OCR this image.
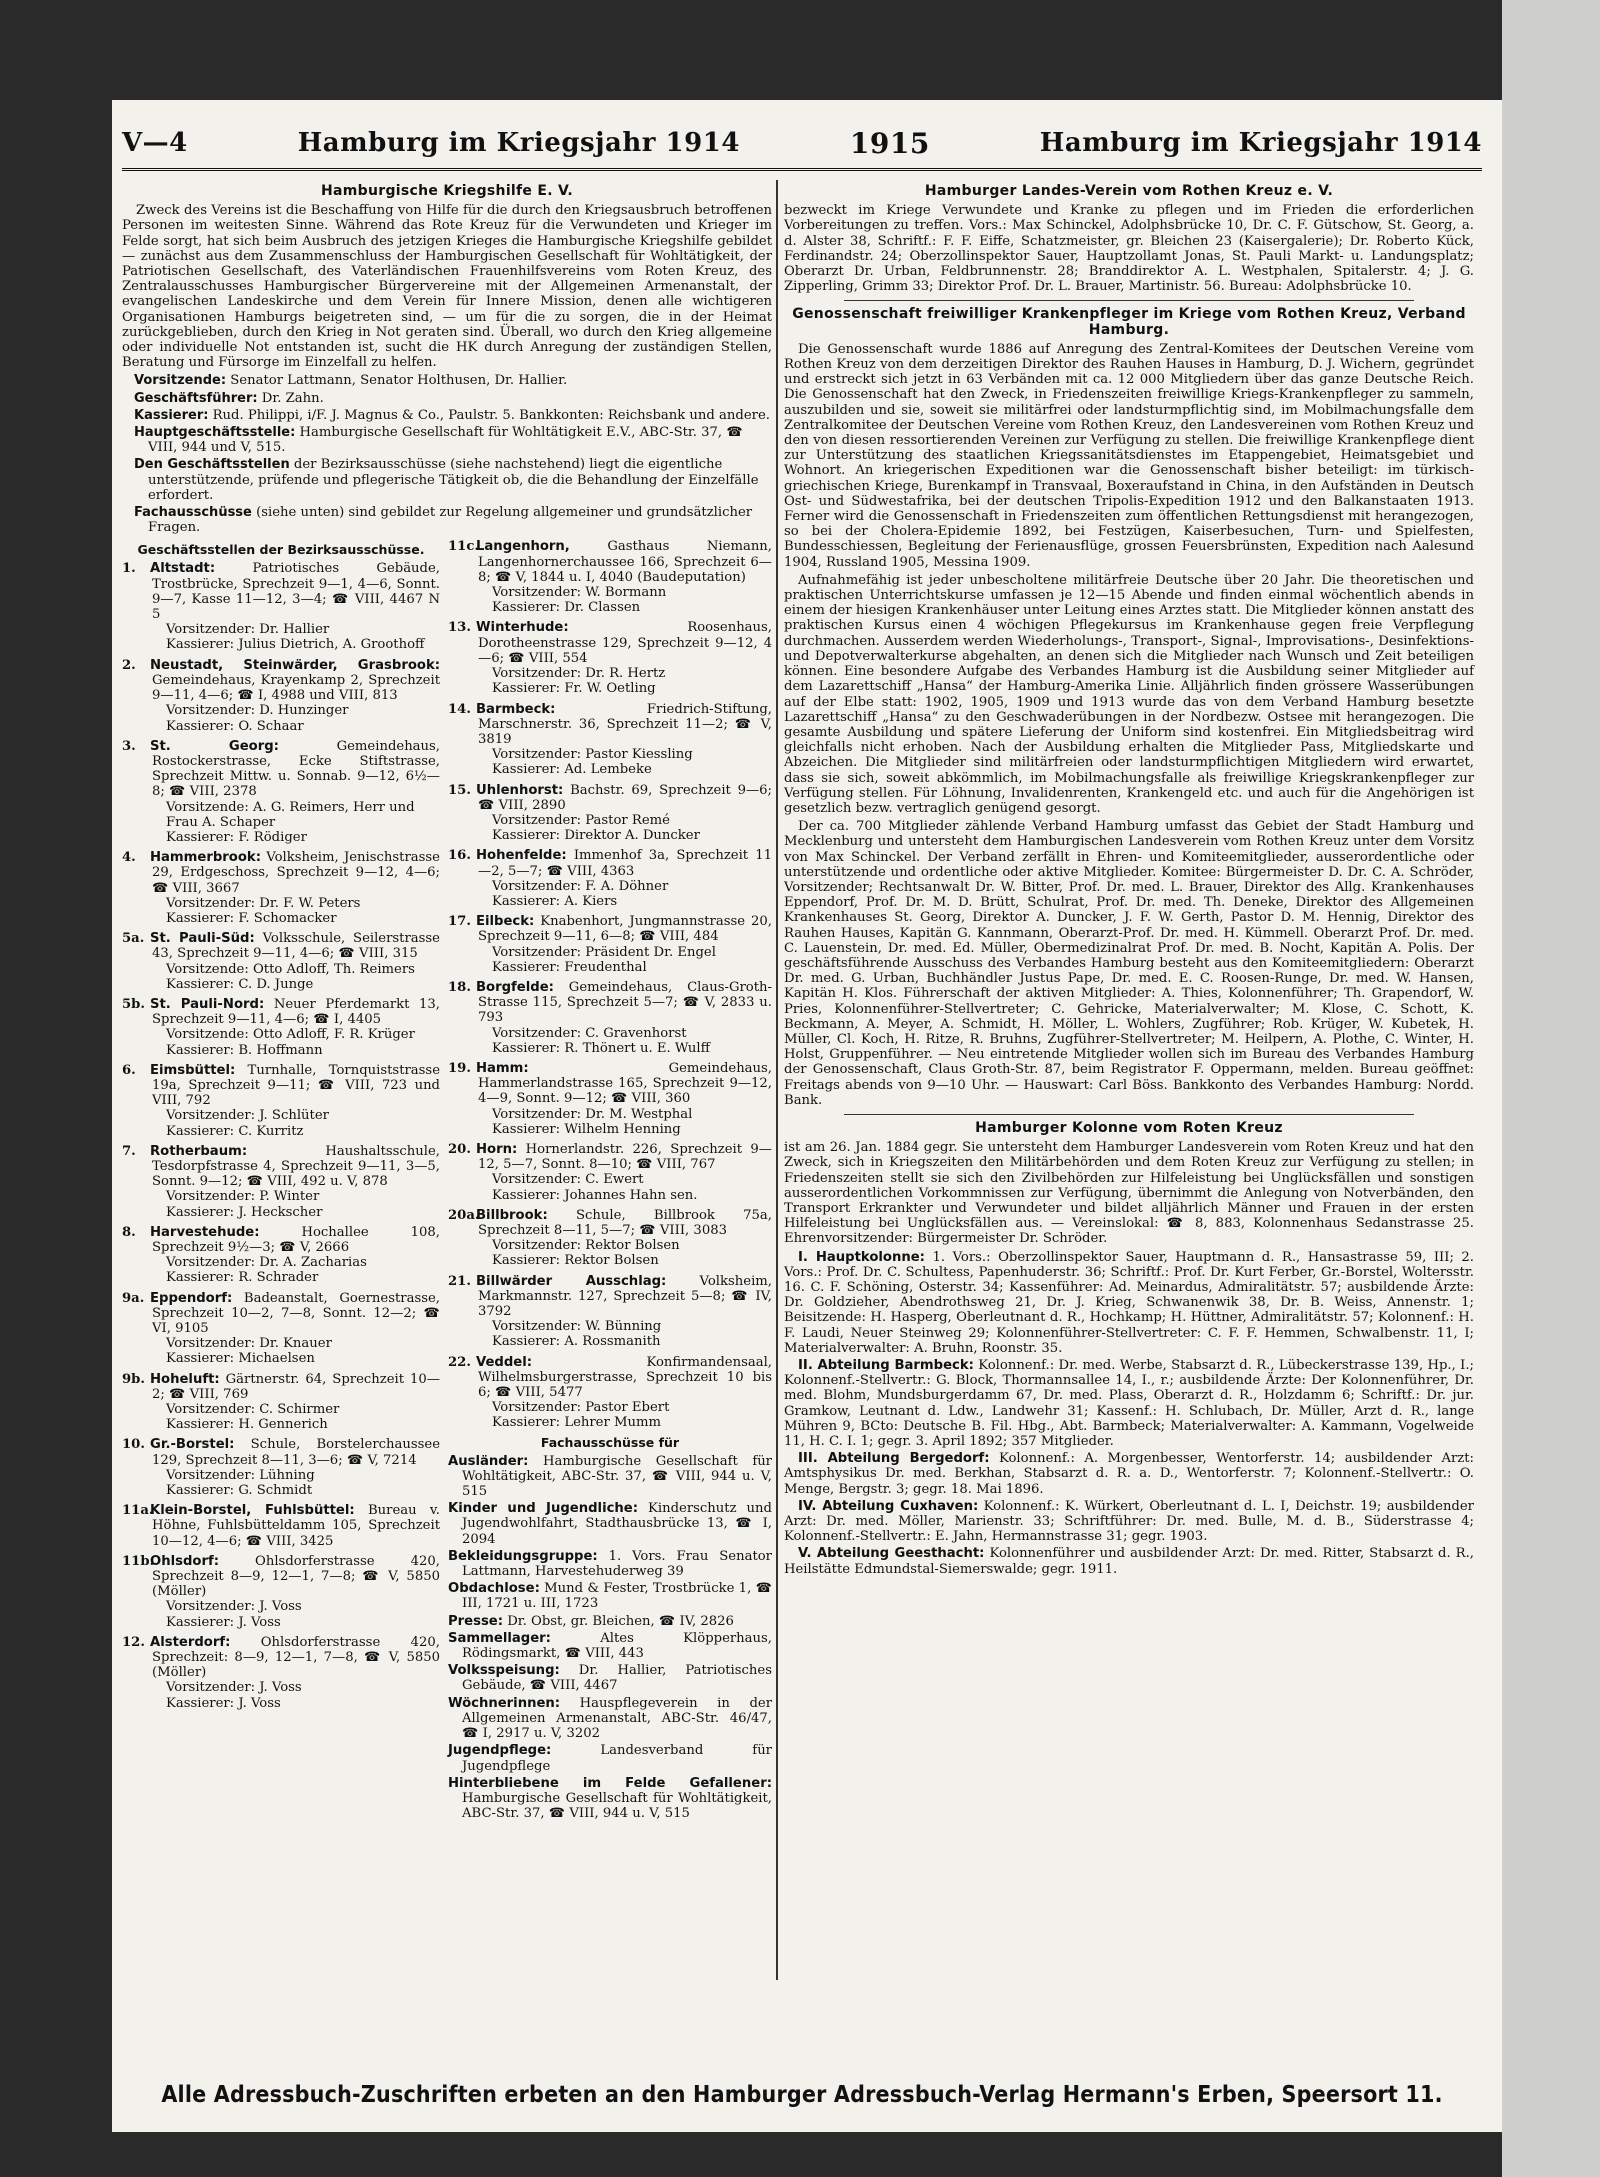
V—4	Hamburg im Kriegsjahr 1914	1915	Hamburg im Kriegsjahr 1914
Hamburgische Kriegshilfe E. V.

Zweck des Vereins ist die Beschaffung von Hilfe für die durch den Kriegsausbruch betroffenen Personen im weitesten Sinne. Während das Rote Kreuz für die Verwundeten und Krieger im Felde sorgt, hat sich beim Ausbruch des jetzigen Krieges die Hamburgische Kriegshilfe gebildet — zunächst aus dem Zusammenschluss der Hamburgischen Gesellschaft für Wohltätigkeit, der Patriotischen Gesellschaft, des Vaterländischen Frauenhilfsvereins vom Roten Kreuz, des Zentralausschusses Hamburgischer Bürgervereine mit der Allgemeinen Armenanstalt, der evangelischen Landeskirche und dem Verein für Innere Mission, denen alle wichtigeren Organisationen Hamburgs beigetreten sind, — um für die zu sorgen, die in der Heimat zurückgeblieben, durch den Krieg in Not geraten sind. Überall, wo durch den Krieg allgemeine oder individuelle Not entstanden ist, sucht die HK durch Anregung der zuständigen Stellen, Beratung und Fürsorge im Einzelfall zu helfen.

Vorsitzende: Senator Lattmann, Senator Holthusen, Dr. Hallier.
Geschäftsführer: Dr. Zahn.
Kassierer: Rud. Philippi, i/F. J. Magnus & Co., Paulstr. 5. Bankkonten: Reichsbank und andere.
Hauptgeschäftsstelle: Hamburgische Gesellschaft für Wohltätigkeit E.V., ABC-Str. 37, ☎ VIII, 944 und V, 515.
Den Geschäftsstellen der Bezirksausschüsse (siehe nachstehend) liegt die eigentliche unterstützende, prüfende und pflegerische Tätigkeit ob, die die Behandlung der Einzelfälle erfordert.
Fachausschüsse (siehe unten) sind gebildet zur Regelung allgemeiner und grundsätzlicher Fragen.
Geschäftsstellen der Bezirksausschüsse.
1. Altstadt: Patriotisches Gebäude, Trostbrücke, Sprechzeit 9—1, 4—6, Sonnt. 9—7, Kasse 11—12, 3—4; ☎ VIII, 4467 N 5
Vorsitzender: Dr. Hallier
Kassierer: Julius Dietrich, A. Groothoff
2. Neustadt, Steinwärder, Grasbrook: Gemeindehaus, Krayenkamp 2, Sprechzeit 9—11, 4—6; ☎ I, 4988 und VIII, 813
Vorsitzender: D. Hunzinger
Kassierer: O. Schaar
3. St. Georg: Gemeindehaus, Rostockerstrasse, Ecke Stiftstrasse, Sprechzeit Mittw. u. Sonnab. 9—12, 6½—8; ☎ VIII, 2378
Vorsitzende: A. G. Reimers, Herr und Frau A. Schaper
Kassierer: F. Rödiger
4. Hammerbrook: Volksheim, Jenischstrasse 29, Erdgeschoss, Sprechzeit 9—12, 4—6; ☎ VIII, 3667
Vorsitzender: Dr. F. W. Peters
Kassierer: F. Schomacker
5a. St. Pauli-Süd: Volksschule, Seilerstrasse 43, Sprechzeit 9—11, 4—6; ☎ VIII, 315
Vorsitzende: Otto Adloff, Th. Reimers
Kassierer: C. D. Junge
5b. St. Pauli-Nord: Neuer Pferdemarkt 13, Sprechzeit 9—11, 4—6; ☎ I, 4405
Vorsitzende: Otto Adloff, F. R. Krüger
Kassierer: B. Hoffmann
6. Eimsbüttel: Turnhalle, Tornquiststrasse 19a, Sprechzeit 9—11; ☎ VIII, 723 und VIII, 792
Vorsitzender: J. Schlüter
Kassierer: C. Kurritz
7. Rotherbaum: Haushaltsschule, Tesdorpfstrasse 4, Sprechzeit 9—11, 3—5, Sonnt. 9—12; ☎ VIII, 492 u. V, 878
Vorsitzender: P. Winter
Kassierer: J. Heckscher
8. Harvestehude: Hochallee 108, Sprechzeit 9½—3; ☎ V, 2666
Vorsitzender: Dr. A. Zacharias
Kassierer: R. Schrader
9a. Eppendorf: Badeanstalt, Goernestrasse, Sprechzeit 10—2, 7—8, Sonnt. 12—2; ☎ VI, 9105
Vorsitzender: Dr. Knauer
Kassierer: Michaelsen
9b. Hoheluft: Gärtnerstr. 64, Sprechzeit 10—2; ☎ VIII, 769
Vorsitzender: C. Schirmer
Kassierer: H. Gennerich
10. Gr.-Borstel: Schule, Borstelerchaussee 129, Sprechzeit 8—11, 3—6; ☎ V, 7214
Vorsitzender: Lühning
Kassierer: G. Schmidt
11a.Klein-Borstel, Fuhlsbüttel: Bureau v. Höhne, Fuhlsbütteldamm 105, Sprechzeit 10—12, 4—6; ☎ VIII, 3425
11b.Ohlsdorf: Ohlsdorferstrasse 420, Sprechzeit 8—9, 12—1, 7—8; ☎ V, 5850 (Möller)
Vorsitzender: J. Voss
Kassierer: J. Voss
12. Alsterdorf: Ohlsdorferstrasse 420, Sprechzeit: 8—9, 12—1, 7—8, ☎ V, 5850 (Möller)
Vorsitzender: J. Voss
Kassierer: J. Voss
11c.Langenhorn, Gasthaus Niemann, Langenhornerchaussee 166, Sprechzeit 6—8; ☎ V, 1844 u. I, 4040 (Baudeputation)
Vorsitzender: W. Bormann
Kassierer: Dr. Classen
13. Winterhude: Roosenhaus, Dorotheenstrasse 129, Sprechzeit 9—12, 4—6; ☎ VIII, 554
Vorsitzender: Dr. R. Hertz
Kassierer: Fr. W. Oetling
14. Barmbeck: Friedrich-Stiftung, Marschnerstr. 36, Sprechzeit 11—2; ☎ V, 3819
Vorsitzender: Pastor Kiessling
Kassierer: Ad. Lembeke
15. Uhlenhorst: Bachstr. 69, Sprechzeit 9—6; ☎ VIII, 2890
Vorsitzender: Pastor Remé
Kassierer: Direktor A. Duncker
16. Hohenfelde: Immenhof 3a, Sprechzeit 11—2, 5—7; ☎ VIII, 4363
Vorsitzender: F. A. Döhner
Kassierer: A. Kiers
17. Eilbeck: Knabenhort, Jungmannstrasse 20, Sprechzeit 9—11, 6—8; ☎ VIII, 484
Vorsitzender: Präsident Dr. Engel
Kassierer: Freudenthal
18. Borgfelde: Gemeindehaus, Claus-Groth-Strasse 115, Sprechzeit 5—7; ☎ V, 2833 u. 793
Vorsitzender: C. Gravenhorst
Kassierer: R. Thönert u. E. Wulff
19. Hamm: Gemeindehaus, Hammerlandstrasse 165, Sprechzeit 9—12, 4—9, Sonnt. 9—12; ☎ VIII, 360
Vorsitzender: Dr. M. Westphal
Kassierer: Wilhelm Henning
20. Horn: Hornerlandstr. 226, Sprechzeit 9—12, 5—7, Sonnt. 8—10; ☎ VIII, 767
Vorsitzender: C. Ewert
Kassierer: Johannes Hahn sen.
20a.Billbrook: Schule, Billbrook 75a, Sprechzeit 8—11, 5—7; ☎ VIII, 3083
Vorsitzender: Rektor Bolsen
Kassierer: Rektor Bolsen
21. Billwärder Ausschlag: Volksheim, Markmannstr. 127, Sprechzeit 5—8; ☎ IV, 3792
Vorsitzender: W. Bünning
Kassierer: A. Rossmanith
22. Veddel: Konfirmandensaal, Wilhelmsburgerstrasse, Sprechzeit 10 bis 6; ☎ VIII, 5477
Vorsitzender: Pastor Ebert
Kassierer: Lehrer Mumm
Fachausschüsse für
Ausländer: Hamburgische Gesellschaft für Wohltätigkeit, ABC-Str. 37, ☎ VIII, 944 u. V, 515
Kinder und Jugendliche: Kinderschutz und Jugendwohlfahrt, Stadthausbrücke 13, ☎ I, 2094
Bekleidungsgruppe: 1. Vors. Frau Senator Lattmann, Harvestehuderweg 39
Obdachlose: Mund & Fester, Trostbrücke 1, ☎ III, 1721 u. III, 1723
Presse: Dr. Obst, gr. Bleichen, ☎ IV, 2826
Sammellager: Altes Klöpperhaus, Rödingsmarkt, ☎ VIII, 443
Volksspeisung: Dr. Hallier, Patriotisches Gebäude, ☎ VIII, 4467
Wöchnerinnen: Hauspflegeverein in der Allgemeinen Armenanstalt, ABC-Str. 46/47, ☎ I, 2917 u. V, 3202
Jugendpflege: Landesverband für Jugendpflege
Hinterbliebene im Felde Gefallener: Hamburgische Gesellschaft für Wohltätigkeit, ABC-Str. 37, ☎ VIII, 944 u. V, 515
Hamburger Landes-Verein vom Rothen Kreuz e. V.

bezweckt im Kriege Verwundete und Kranke zu pflegen und im Frieden die erforderlichen Vorbereitungen zu treffen. Vors.: Max Schinckel, Adolphsbrücke 10, Dr. C. F. Gütschow, St. Georg, a. d. Alster 38, Schriftf.: F. F. Eiffe, Schatzmeister, gr. Bleichen 23 (Kaisergalerie); Dr. Roberto Kück, Ferdinandstr. 24; Oberzollinspektor Sauer, Hauptzollamt Jonas, St. Pauli Markt- u. Landungsplatz; Oberarzt Dr. Urban, Feldbrunnenstr. 28; Branddirektor A. L. Westphalen, Spitalerstr. 4; J. G. Zipperling, Grimm 33; Direktor Prof. Dr. L. Brauer, Martinistr. 56. Bureau: Adolphsbrücke 10.

Genossenschaft freiwilliger Krankenpfleger im Kriege vom Rothen Kreuz, Verband Hamburg.

Die Genossenschaft wurde 1886 auf Anregung des Zentral-Komitees der Deutschen Vereine vom Rothen Kreuz von dem derzeitigen Direktor des Rauhen Hauses in Hamburg, D. J. Wichern, gegründet und erstreckt sich jetzt in 63 Verbänden mit ca. 12 000 Mitgliedern über das ganze Deutsche Reich. Die Genossenschaft hat den Zweck, in Friedenszeiten freiwillige Kriegs-Krankenpfleger zu sammeln, auszubilden und sie, soweit sie militärfrei oder landsturmpflichtig sind, im Mobilmachungsfalle dem Zentralkomitee der Deutschen Vereine vom Rothen Kreuz, den Landesvereinen vom Rothen Kreuz und den von diesen ressortierenden Vereinen zur Verfügung zu stellen. Die freiwillige Krankenpflege dient zur Unterstützung des staatlichen Kriegssanitätsdienstes im Etappengebiet, Heimatsgebiet und Wohnort. An kriegerischen Expeditionen war die Genossenschaft bisher beteiligt: im türkisch-griechischen Kriege, Burenkampf in Transvaal, Boxeraufstand in China, in den Aufständen in Deutsch Ost- und Südwestafrika, bei der deutschen Tripolis-Expedition 1912 und den Balkanstaaten 1913. Ferner wird die Genossenschaft in Friedenszeiten zum öffentlichen Rettungsdienst mit herangezogen, so bei der Cholera-Epidemie 1892, bei Festzügen, Kaiserbesuchen, Turn- und Spielfesten, Bundesschiessen, Begleitung der Ferienausflüge, grossen Feuersbrünsten, Expedition nach Aalesund 1904, Russland 1905, Messina 1909.

Aufnahmefähig ist jeder unbescholtene militärfreie Deutsche über 20 Jahr. Die theoretischen und praktischen Unterrichtskurse umfassen je 12—15 Abende und finden einmal wöchentlich abends in einem der hiesigen Krankenhäuser unter Leitung eines Arztes statt. Die Mitglieder können anstatt des praktischen Kursus einen 4 wöchigen Pflegekursus im Krankenhause gegen freie Verpflegung durchmachen. Ausserdem werden Wiederholungs-, Transport-, Signal-, Improvisations-, Desinfektions- und Depotverwalterkurse abgehalten, an denen sich die Mitglieder nach Wunsch und Zeit beteiligen können. Eine besondere Aufgabe des Verbandes Hamburg ist die Ausbildung seiner Mitglieder auf dem Lazarettschiff „Hansa“ der Hamburg-Amerika Linie. Alljährlich finden grössere Wasserübungen auf der Elbe statt: 1902, 1905, 1909 und 1913 wurde das von dem Verband Hamburg besetzte Lazarettschiff „Hansa“ zu den Geschwaderübungen in der Nordbezw. Ostsee mit herangezogen. Die gesamte Ausbildung und spätere Lieferung der Uniform sind kostenfrei. Ein Mitgliedsbeitrag wird gleichfalls nicht erhoben. Nach der Ausbildung erhalten die Mitglieder Pass, Mitgliedskarte und Abzeichen. Die Mitglieder sind militärfreien oder landsturmpflichtigen Mitgliedern wird erwartet, dass sie sich, soweit abkömmlich, im Mobilmachungsfalle als freiwillige Kriegskrankenpfleger zur Verfügung stellen. Für Löhnung, Invalidenrenten, Krankengeld etc. und auch für die Angehörigen ist gesetzlich bezw. vertraglich genügend gesorgt.

Der ca. 700 Mitglieder zählende Verband Hamburg umfasst das Gebiet der Stadt Hamburg und Mecklenburg und untersteht dem Hamburgischen Landesverein vom Rothen Kreuz unter dem Vorsitz von Max Schinckel. Der Verband zerfällt in Ehren- und Komiteemitglieder, ausserordentliche oder unterstützende und ordentliche oder aktive Mitglieder. Komitee: Bürgermeister D. Dr. C. A. Schröder, Vorsitzender; Rechtsanwalt Dr. W. Bitter, Prof. Dr. med. L. Brauer, Direktor des Allg. Krankenhauses Eppendorf, Prof. Dr. M. D. Brütt, Schulrat, Prof. Dr. med. Th. Deneke, Direktor des Allgemeinen Krankenhauses St. Georg, Direktor A. Duncker, J. F. W. Gerth, Pastor D. M. Hennig, Direktor des Rauhen Hauses, Kapitän G. Kannmann, Oberarzt-Prof. Dr. med. H. Kümmell. Oberarzt Prof. Dr. med. C. Lauenstein, Dr. med. Ed. Müller, Obermedizinalrat Prof. Dr. med. B. Nocht, Kapitän A. Polis. Der geschäftsführende Ausschuss des Verbandes Hamburg besteht aus den Komiteemitgliedern: Oberarzt Dr. med. G. Urban, Buchhändler Justus Pape, Dr. med. E. C. Roosen-Runge, Dr. med. W. Hansen, Kapitän H. Klos. Führerschaft der aktiven Mitglieder: A. Thies, Kolonnenführer; Th. Grapendorf, W. Pries, Kolonnenführer-Stellvertreter; C. Gehricke, Materialverwalter; M. Klose, C. Schott, K. Beckmann, A. Meyer, A. Schmidt, H. Möller, L. Wohlers, Zugführer; Rob. Krüger, W. Kubetek, H. Müller, Cl. Koch, H. Ritze, R. Bruhns, Zugführer-Stellvertreter; M. Heilpern, A. Plothe, C. Winter, H. Holst, Gruppenführer. — Neu eintretende Mitglieder wollen sich im Bureau des Verbandes Hamburg der Genossenschaft, Claus Groth-Str. 87, beim Registrator F. Oppermann, melden. Bureau geöffnet: Freitags abends von 9—10 Uhr. — Hauswart: Carl Böss. Bankkonto des Verbandes Hamburg: Nordd. Bank.

Hamburger Kolonne vom Roten Kreuz

ist am 26. Jan. 1884 gegr. Sie untersteht dem Hamburger Landesverein vom Roten Kreuz und hat den Zweck, sich in Kriegszeiten den Militärbehörden und dem Roten Kreuz zur Verfügung zu stellen; in Friedenszeiten stellt sie sich den Zivilbehörden zur Hilfeleistung bei Unglücksfällen und sonstigen ausserordentlichen Vorkommnissen zur Verfügung, übernimmt die Anlegung von Notverbänden, den Transport Erkrankter und Verwundeter und bildet alljährlich Männer und Frauen in der ersten Hilfeleistung bei Unglücksfällen aus. — Vereinslokal: ☎ 8, 883, Kolonnenhaus Sedanstrasse 25. Ehrenvorsitzender: Bürgermeister Dr. Schröder.

I. Hauptkolonne: 1. Vors.: Oberzollinspektor Sauer, Hauptmann d. R., Hansastrasse 59, III; 2. Vors.: Prof. Dr. C. Schultess, Papenhuderstr. 36; Schriftf.: Prof. Dr. Kurt Ferber, Gr.-Borstel, Woltersstr. 16. C. F. Schöning, Osterstr. 34; Kassenführer: Ad. Meinardus, Admiralitätstr. 57; ausbildende Ärzte: Dr. Goldzieher, Abendrothsweg 21, Dr. J. Krieg, Schwanenwik 38, Dr. B. Weiss, Annenstr. 1; Beisitzende: H. Hasperg, Oberleutnant d. R., Hochkamp; H. Hüttner, Admiralitätstr. 57; Kolonnenf.: H. F. Laudi, Neuer Steinweg 29; Kolonnenführer-Stellvertreter: C. F. F. Hemmen, Schwalbenstr. 11, I; Materialverwalter: A. Bruhn, Roonstr. 35.

II. Abteilung Barmbeck: Kolonnenf.: Dr. med. Werbe, Stabsarzt d. R., Lübeckerstrasse 139, Hp., I.; Kolonnenf.-Stellvertr.: G. Block, Thormannsallee 14, I., r.; ausbildende Ärzte: Der Kolonnenführer, Dr. med. Blohm, Mundsburgerdamm 67, Dr. med. Plass, Oberarzt d. R., Holzdamm 6; Schriftf.: Dr. jur. Gramkow, Leutnant d. Ldw., Landwehr 31; Kassenf.: H. Schlubach, Dr. Müller, Arzt d. R., lange Mühren 9, BCto: Deutsche B. Fil. Hbg., Abt. Barmbeck; Materialverwalter: A. Kammann, Vogelweide 11, H. C. I. 1; gegr. 3. April 1892; 357 Mitglieder.

III. Abteilung Bergedorf: Kolonnenf.: A. Morgenbesser, Wentorferstr. 14; ausbildender Arzt: Amtsphysikus Dr. med. Berkhan, Stabsarzt d. R. a. D., Wentorferstr. 7; Kolonnenf.-Stellvertr.: O. Menge, Bergstr. 3; gegr. 18. Mai 1896.

IV. Abteilung Cuxhaven: Kolonnenf.: K. Würkert, Oberleutnant d. L. I, Deichstr. 19; ausbildender Arzt: Dr. med. Möller, Marienstr. 33; Schriftführer: Dr. med. Bulle, M. d. B., Süderstrasse 4; Kolonnenf.-Stellvertr.: E. Jahn, Hermannstrasse 31; gegr. 1903.

V. Abteilung Geesthacht: Kolonnenführer und ausbildender Arzt: Dr. med. Ritter, Stabsarzt d. R., Heilstätte Edmundstal-Siemerswalde; gegr. 1911.

Alle Adressbuch-Zuschriften erbeten an den Hamburger Adressbuch-Verlag Hermann's Erben, Speersort 11.
